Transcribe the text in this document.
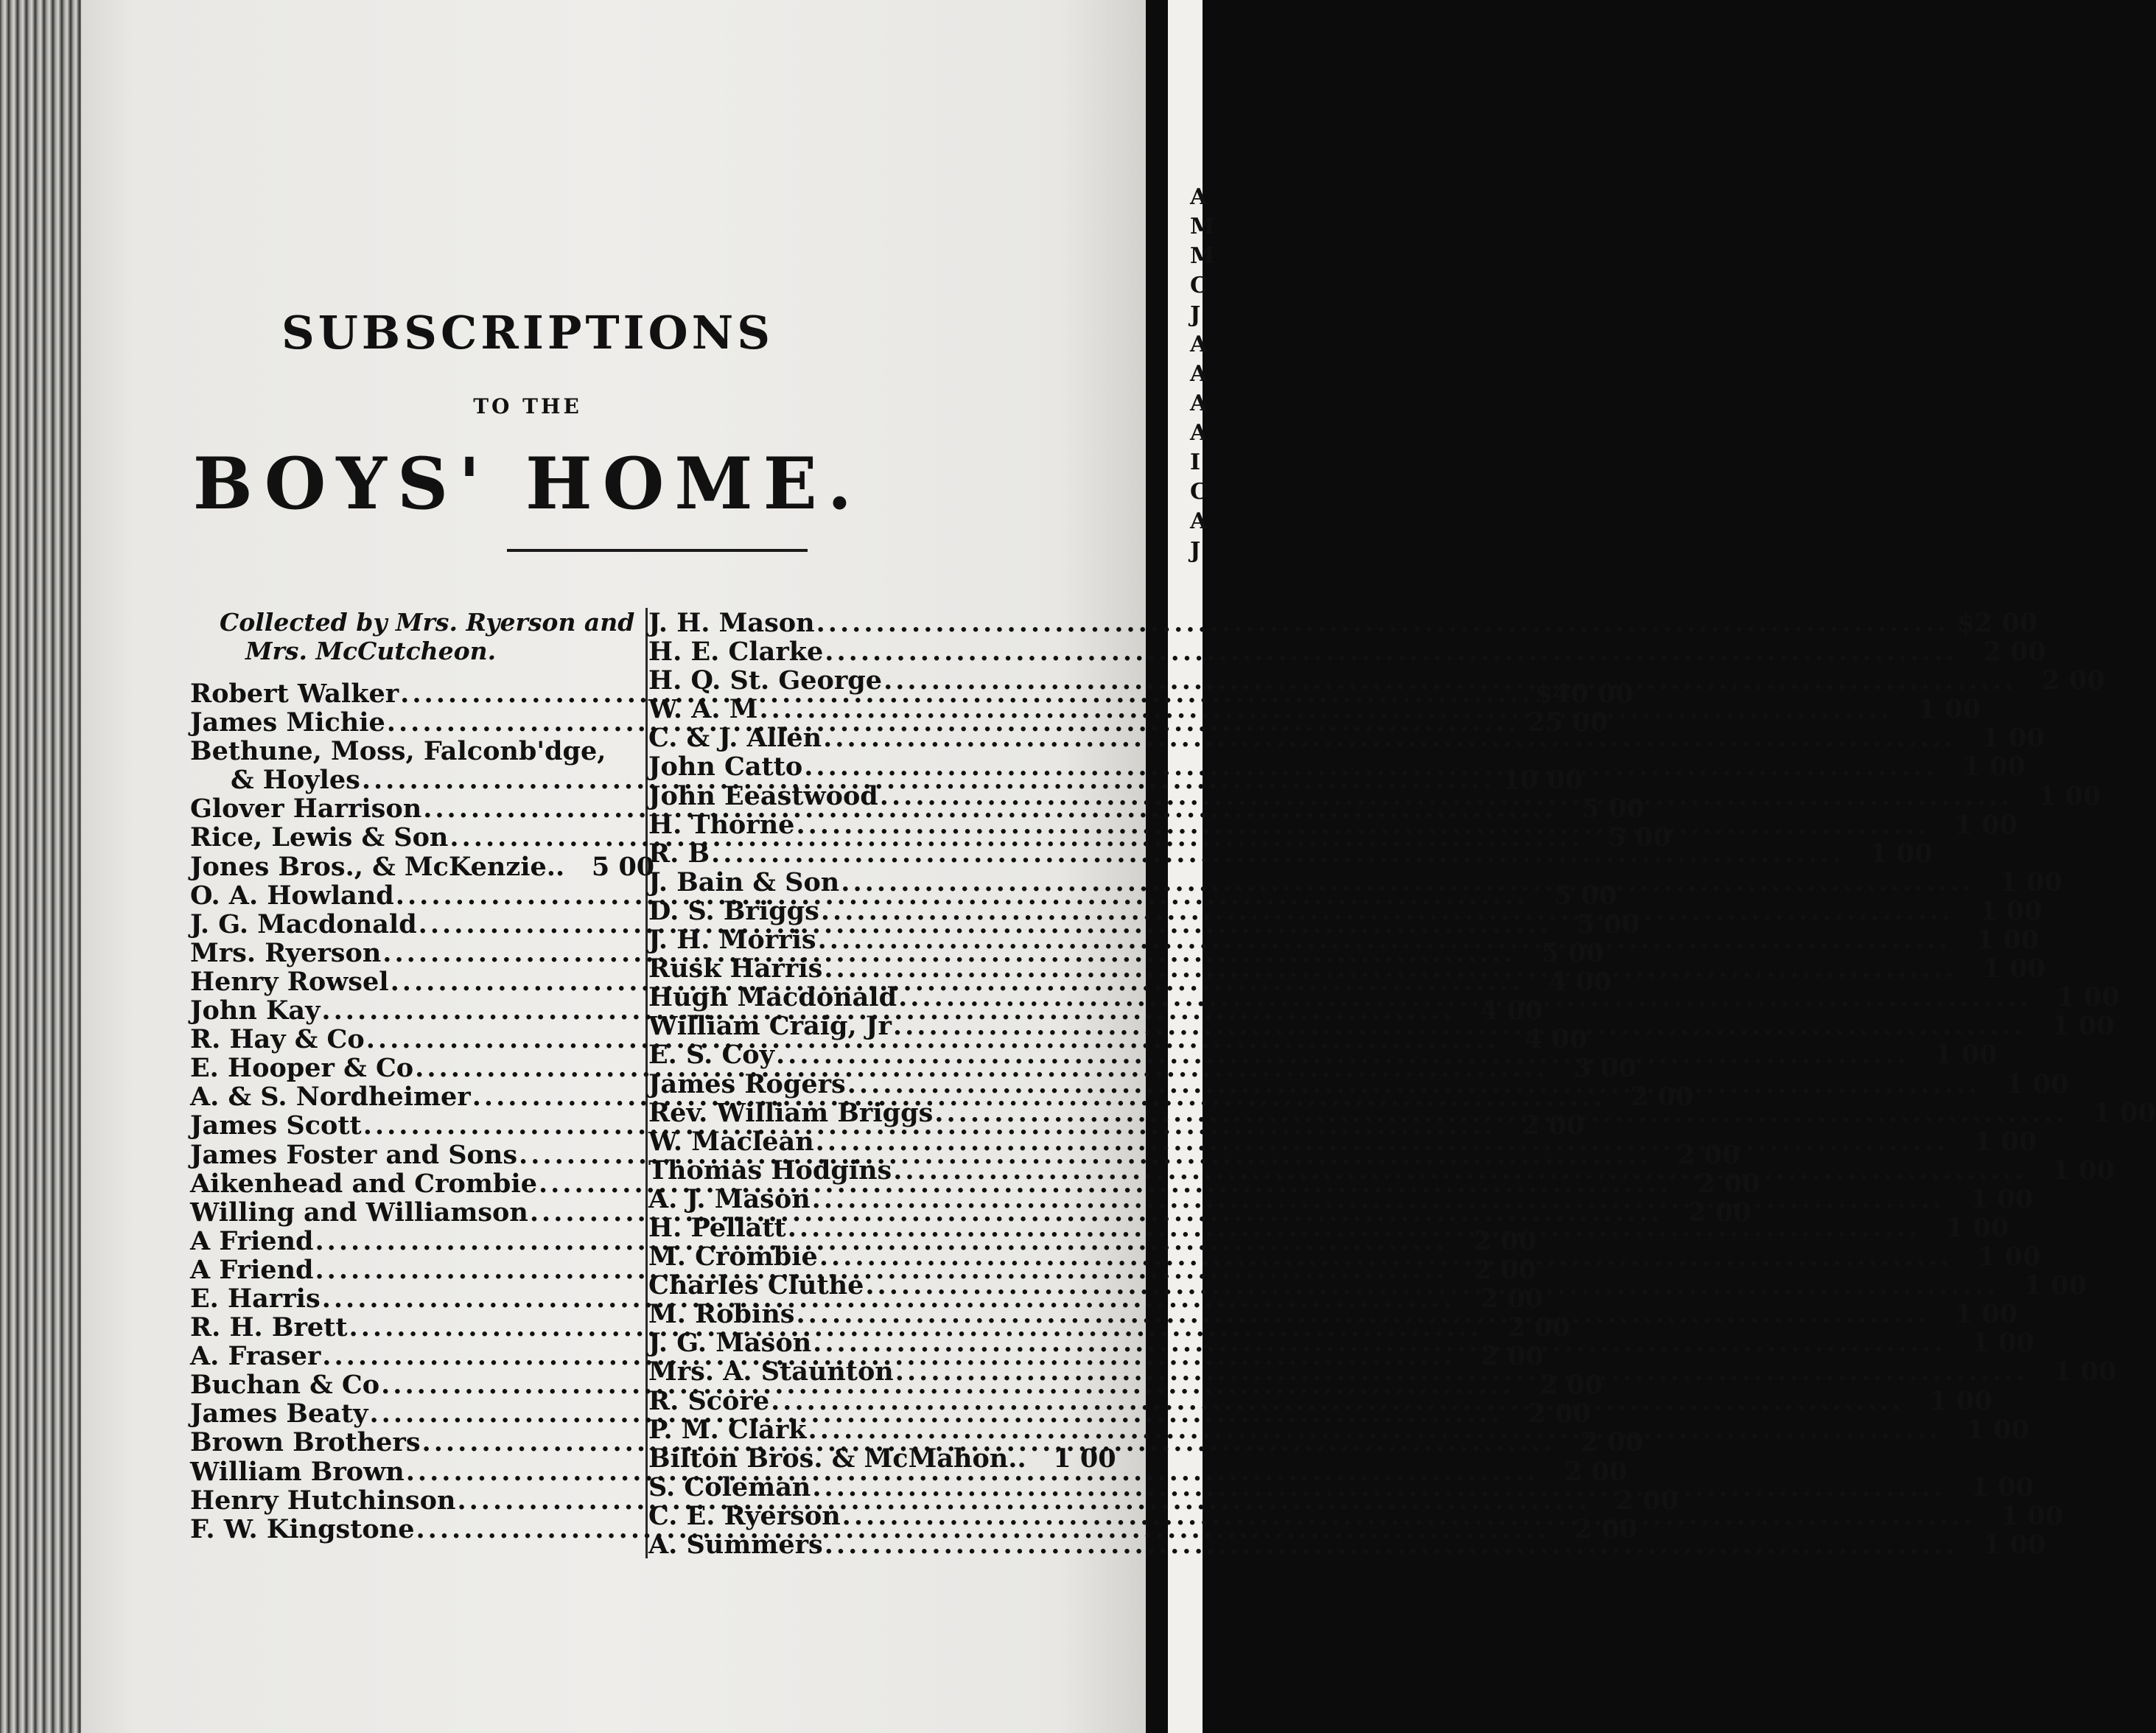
A
M
M
C
J
A
A
A
A
I
C
A
J
SUBSCRIPTIONS
TO THE
BOYS' HOME.
Collected by Mrs. Ryerson and
Mrs. McCutcheon.
Robert Walker .....	$40 00
James Michie .....	25 00
Bethune, Moss, Falconb'dge,
& Hoyles .....	10 00
Glover Harrison .....	5 00
Rice, Lewis & Son .....	5 00
Jones Bros., & McKenzie..	5 00
O. A. Howland .....	5 00
J. G. Macdonald .....	5 00
Mrs. Ryerson .....	5 00
Henry Rowsel .....	4 00
John Kay .....	4 00
R. Hay & Co .....	4 00
E. Hooper & Co .....	3 00
A. & S. Nordheimer .....	2 00
James Scott .....	2 00
James Foster and Sons .....	2 00
Aikenhead and Crombie .....	2 00
Willing and Williamson .....	2 00
A Friend .....	2 00
A Friend .....	2 00
E. Harris .....	2 00
R. H. Brett .....	2 00
A. Fraser .....	2 00
Buchan & Co .....	2 00
James Beaty .....	2 00
Brown Brothers .....	2 00
William Brown .....	2 00
Henry Hutchinson .....	2 00
F. W. Kingstone .....	2 00
J. H. Mason .....	$2 00
H. E. Clarke .....	2 00
H. Q. St. George .....	2 00
W. A. M .....	1 00
C. & J. Allen .....	1 00
John Catto .....	1 00
John Eeastwood .....	1 00
H. Thorne .....	1 00
R. B .....	1 00
J. Bain & Son .....	1 00
D. S. Briggs .....	1 00
J. H. Morris .....	1 00
Rusk Harris .....	1 00
Hugh Macdonald .....	1 00
William Craig, Jr .....	1 00
E. S. Coy .....	1 00
James Rogers .....	1 00
Rev. William Briggs .....	1 00
W. Maclean .....	1 00
Thomas Hodgins .....	1 00
A. J. Mason .....	1 00
H. Pellatt .....	1 00
M. Crombie .....	1 00
Charles Cluthe .....	1 00
M. Robins .....	1 00
J. G. Mason .....	1 00
Mrs. A. Staunton .....	1 00
R. Score .....	1 00
P. M. Clark .....	1 00
Bilton Bros. & McMahon..	1 00
S. Coleman .....	1 00
C. E. Ryerson .....	1 00
A. Summers .....	1 00
